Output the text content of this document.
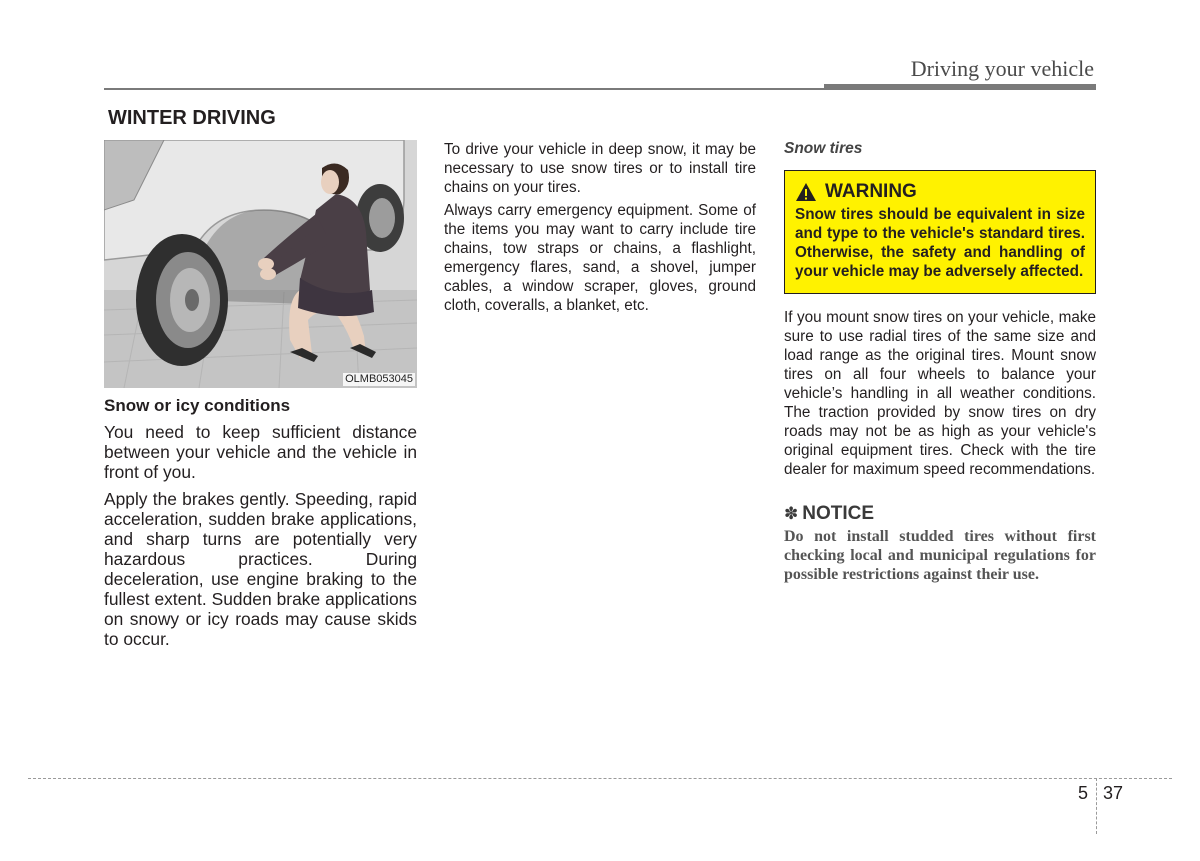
Driving your vehicle
WINTER DRIVING
OLMB053045
Snow or icy conditions
You need to keep sufficient distance between your vehicle and the vehicle in front of you.
Apply the brakes gently. Speeding, rapid acceleration, sudden brake applications, and sharp turns are potentially very hazardous practices. During deceleration, use engine braking to the fullest extent. Sudden brake applications on snowy or icy roads may cause skids to occur.

To drive your vehicle in deep snow, it may be necessary to use snow tires or to install tire chains on your tires.

Always carry emergency equipment. Some of the items you may want to carry include tire chains, tow straps or chains, a flashlight, emergency flares, sand, a shovel, jumper cables, a window scraper, gloves, ground cloth, coveralls, a blanket, etc.

Snow tires
WARNING
Snow tires should be equivalent in size and type to the vehicle's standard tires. Otherwise, the safety and handling of your vehicle may be adversely affected.

If you mount snow tires on your vehicle, make sure to use radial tires of the same size and load range as the original tires. Mount snow tires on all four wheels to balance your vehicle’s handling in all weather conditions. The traction provided by snow tires on dry roads may not be as high as your vehicle's original equipment tires. Check with the tire dealer for maximum speed recommendations.

✽ NOTICE
Do not install studded tires without first checking local and municipal regulations for possible restrictions against their use.
5 37
